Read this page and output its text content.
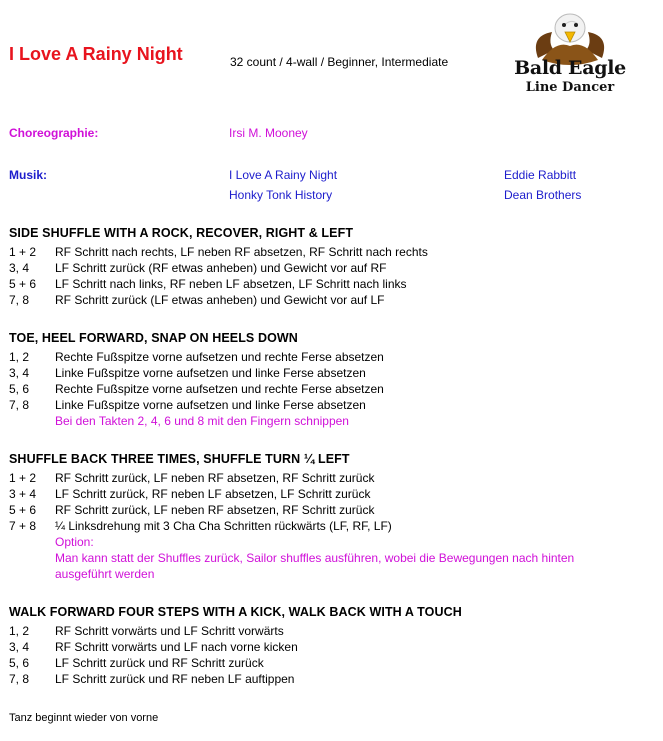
I Love A Rainy Night	32 count / 4-wall / Beginner, Intermediate	Bald Eagle
Line Dancer
Choreographie:	Irsi M. Mooney
Musik:	I Love A Rainy Night	Eddie Rabbitt
Honky Tonk History	Dean Brothers
SIDE SHUFFLE WITH A ROCK, RECOVER, RIGHT & LEFT
1 + 2	RF Schritt nach rechts, LF neben RF absetzen, RF Schritt nach rechts
3, 4	LF Schritt zurück (RF etwas anheben) und Gewicht vor auf RF
5 + 6	LF Schritt nach links, RF neben LF absetzen, LF Schritt nach links
7, 8	RF Schritt zurück (LF etwas anheben) und Gewicht vor auf LF
TOE, HEEL FORWARD, SNAP ON HEELS DOWN
1, 2	Rechte Fußspitze vorne aufsetzen und rechte Ferse absetzen
3, 4	Linke Fußspitze vorne aufsetzen und linke Ferse absetzen
5, 6	Rechte Fußspitze vorne aufsetzen und rechte Ferse absetzen
7, 8	Linke Fußspitze vorne aufsetzen und linke Ferse absetzen
Bei den Takten 2, 4, 6 und 8 mit den Fingern schnippen
SHUFFLE BACK THREE TIMES, SHUFFLE TURN ¼ LEFT
1 + 2	RF Schritt zurück, LF neben RF absetzen, RF Schritt zurück
3 + 4	LF Schritt zurück, RF neben LF absetzen, LF Schritt zurück
5 + 6	RF Schritt zurück, LF neben RF absetzen, RF Schritt zurück
7 + 8	¼ Linksdrehung mit 3 Cha Cha Schritten rückwärts (LF, RF, LF)
Option:
Man kann statt der Shuffles zurück, Sailor shuffles ausführen, wobei die Bewegungen nach hinten
ausgeführt werden
WALK FORWARD FOUR STEPS WITH A KICK, WALK BACK WITH A TOUCH
1, 2	RF Schritt vorwärts und LF Schritt vorwärts
3, 4	RF Schritt vorwärts und LF nach vorne kicken
5, 6	LF Schritt zurück und RF Schritt zurück
7, 8	LF Schritt zurück und RF neben LF auftippen
Tanz beginnt wieder von vorne
